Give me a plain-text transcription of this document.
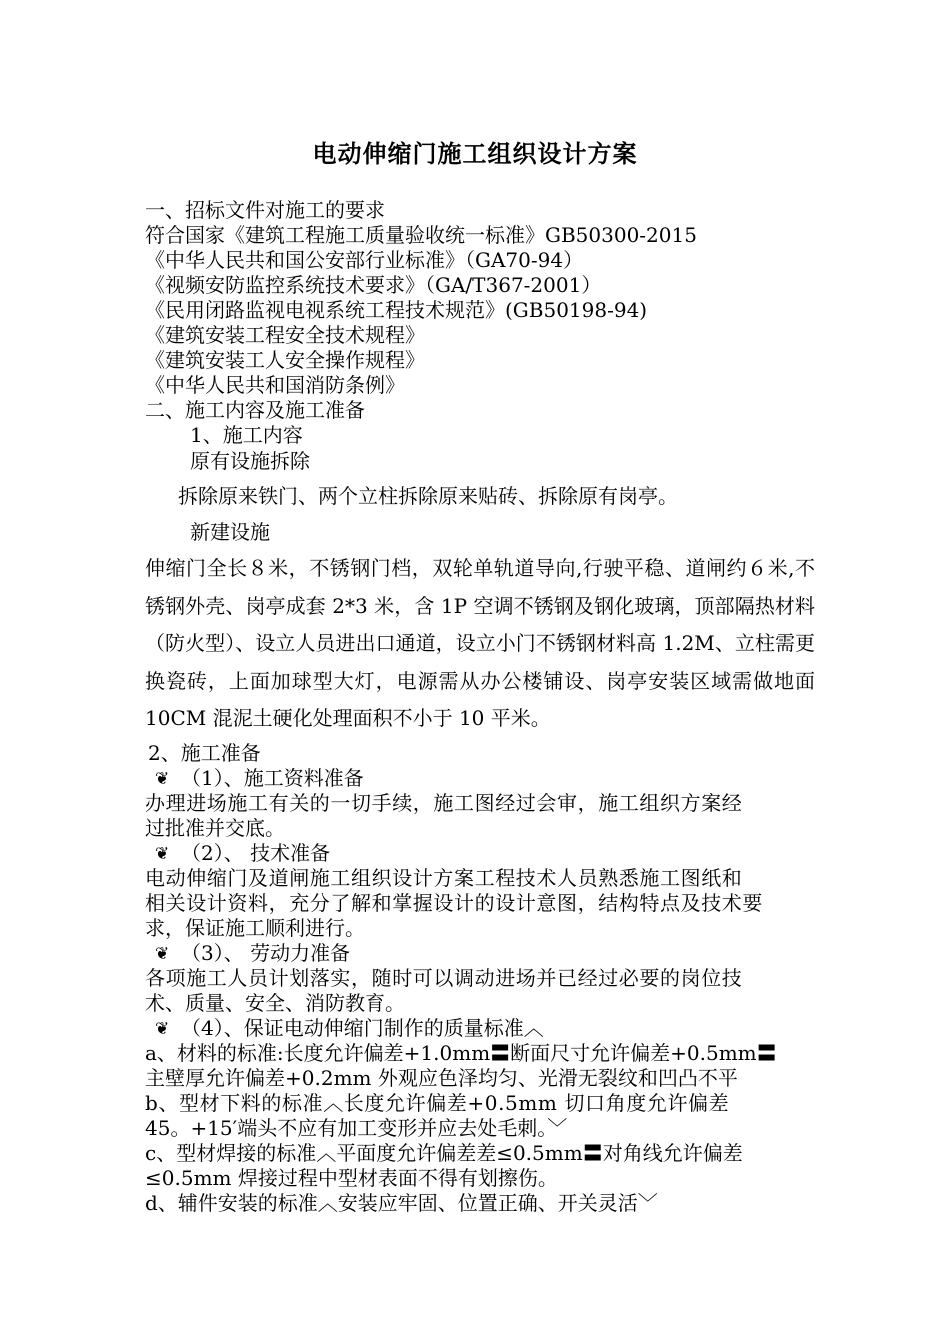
电动伸缩门施工组织设计方案
一、招标文件对施工的要求
符合国家《建筑工程施工质量验收统一标准》GB50300-2015
《中华人民共和国公安部行业标准》（GA70-94）
《视频安防监控系统技术要求》（GA/T367-2001）
《民用闭路监视电视系统工程技术规范》(GB50198-94)
《建筑安装工程安全技术规程》
《建筑安装工人安全操作规程》
《中华人民共和国消防条例》
二、施工内容及施工准备
1、施工内容
原有设施拆除
拆除原来铁门、两个立柱拆除原来贴砖、拆除原有岗亭。
新建设施
伸缩门全长８米，不锈钢门档，双轮单轨道导向,行驶平稳、道闸约６米,不锈钢外壳、岗亭成套 2*3 米，含 1P 空调不锈钢及钢化玻璃，顶部隔热材料（防火型）、设立人员进出口通道，设立小门不锈钢材料高 1.2M、立柱需更换瓷砖，上面加球型大灯，电源需从办公楼铺设、岗亭安装区域需做地面 10CM 混泥土硬化处理面积不小于 10 平米。
2、施工准备
❦ （1）、施工资料准备
办理进场施工有关的一切手续，施工图经过会审，施工组织方案经
过批准并交底。
❦ （2）、 技术准备
电动伸缩门及道闸施工组织设计方案工程技术人员熟悉施工图纸和
相关设计资料，充分了解和掌握设计的设计意图，结构特点及技术要
求，保证施工顺利进行。
❦ （3）、 劳动力准备
各项施工人员计划落实，随时可以调动进场并已经过必要的岗位技
术、质量、安全、消防教育。
❦ （4）、保证电动伸缩门制作的质量标准︿
a、材料的标准:长度允许偏差+1.0mm〓断面尺寸允许偏差+0.5mm〓
主壁厚允许偏差+0.2mm 外观应色泽均匀、光滑无裂纹和凹凸不平
b、型材下料的标准︿长度允许偏差+0.5mm 切口角度允许偏差
45。+15′端头不应有加工变形并应去处毛刺。﹀
c、型材焊接的标准︿平面度允许偏差差≤0.5mm〓对角线允许偏差
≤0.5mm 焊接过程中型材表面不得有划擦伤。
d、辅件安装的标准︿安装应牢固、位置正确、开关灵活﹀
